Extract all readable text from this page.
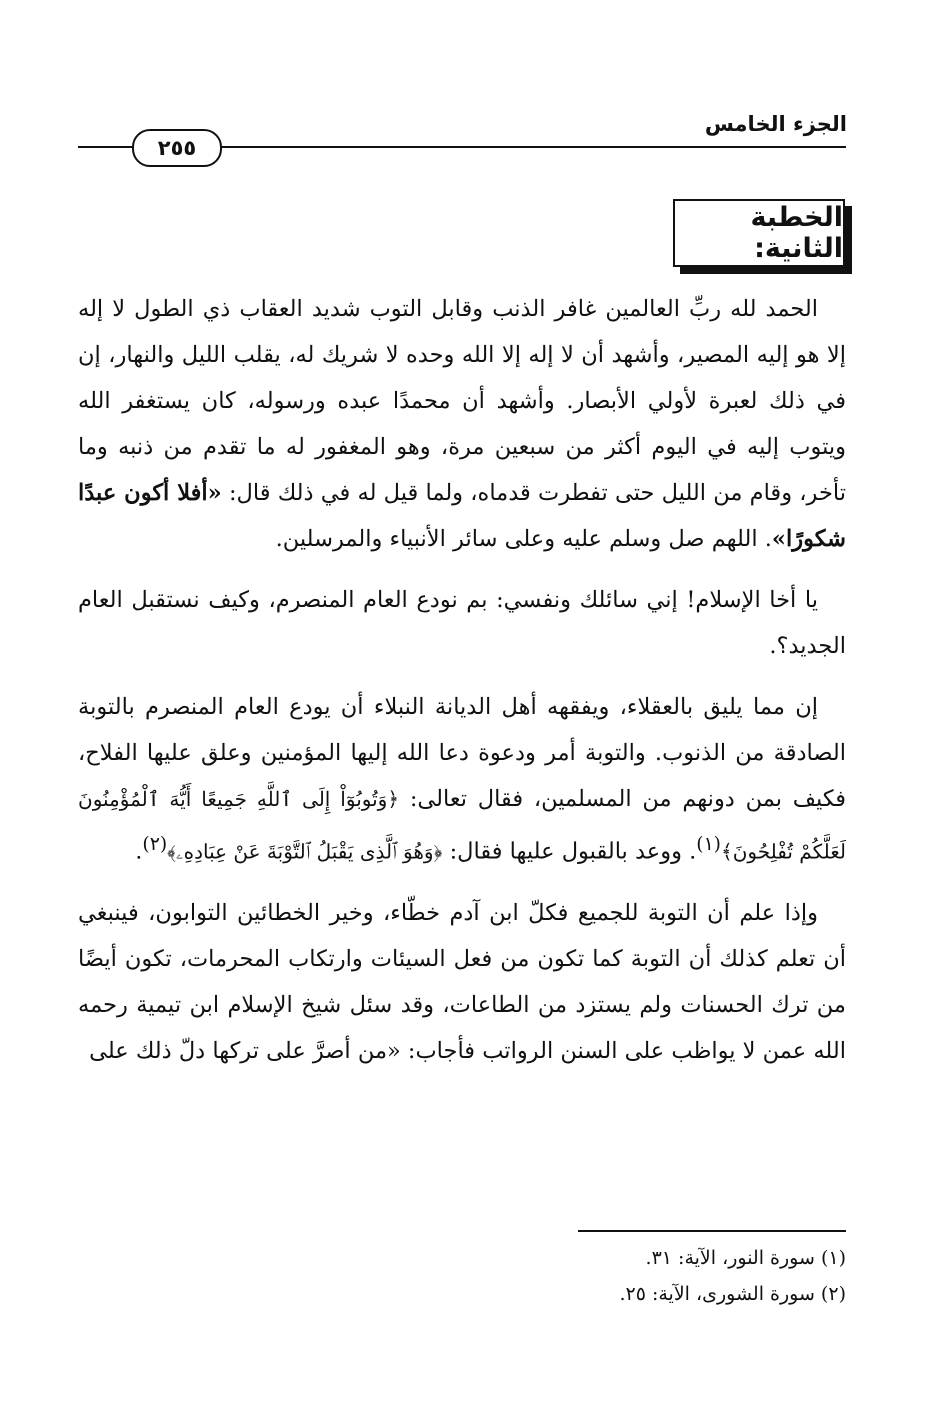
الجزء الخامس
٢٥٥
الخطبة الثانية:

الحمد لله ربِّ العالمين غافر الذنب وقابل التوب شديد العقاب ذي الطول لا إله إلا هو إليه المصير، وأشهد أن لا إله إلا الله وحده لا شريك له، يقلب الليل والنهار، إن في ذلك لعبرة لأولي الأبصار. وأشهد أن محمدًا عبده ورسوله، كان يستغفر الله ويتوب إليه في اليوم أكثر من سبعين مرة، وهو المغفور له ما تقدم من ذنبه وما تأخر، وقام من الليل حتى تفطرت قدماه، ولما قيل له في ذلك قال: «أفلا أكون عبدًا شكورًا». اللهم صل وسلم عليه وعلى سائر الأنبياء والمرسلين.

يا أخا الإسلام! إني سائلك ونفسي: بم نودع العام المنصرم، وكيف نستقبل العام الجديد؟.

إن مما يليق بالعقلاء، ويفقهه أهل الديانة النبلاء أن يودع العام المنصرم بالتوبة الصادقة من الذنوب. والتوبة أمر ودعوة دعا الله إليها المؤمنين وعلق عليها الفلاح، فكيف بمن دونهم من المسلمين، فقال تعالى: ﴿وَتُوبُوٓاْ إِلَى ٱللَّهِ جَمِيعًا أَيُّهَ ٱلْمُؤْمِنُونَ لَعَلَّكُمْ تُفْلِحُونَ﴾$^{(١)}$. ووعد بالقبول عليها فقال: ﴿وَهُوَ ٱلَّذِى يَقْبَلُ ٱلتَّوْبَةَ عَنْ عِبَادِهِۦ﴾$^{(٢)}$.

وإذا علم أن التوبة للجميع فكلّ ابن آدم خطّاء، وخير الخطائين التوابون، فينبغي أن تعلم كذلك أن التوبة كما تكون من فعل السيئات وارتكاب المحرمات، تكون أيضًا من ترك الحسنات ولم يستزد من الطاعات، وقد سئل شيخ الإسلام ابن تيمية رحمه الله عمن لا يواظب على السنن الرواتب فأجاب: «من أصرَّ على تركها دلّ ذلك على

(١) سورة النور، الآية: ٣١.
(٢) سورة الشورى، الآية: ٢٥.
